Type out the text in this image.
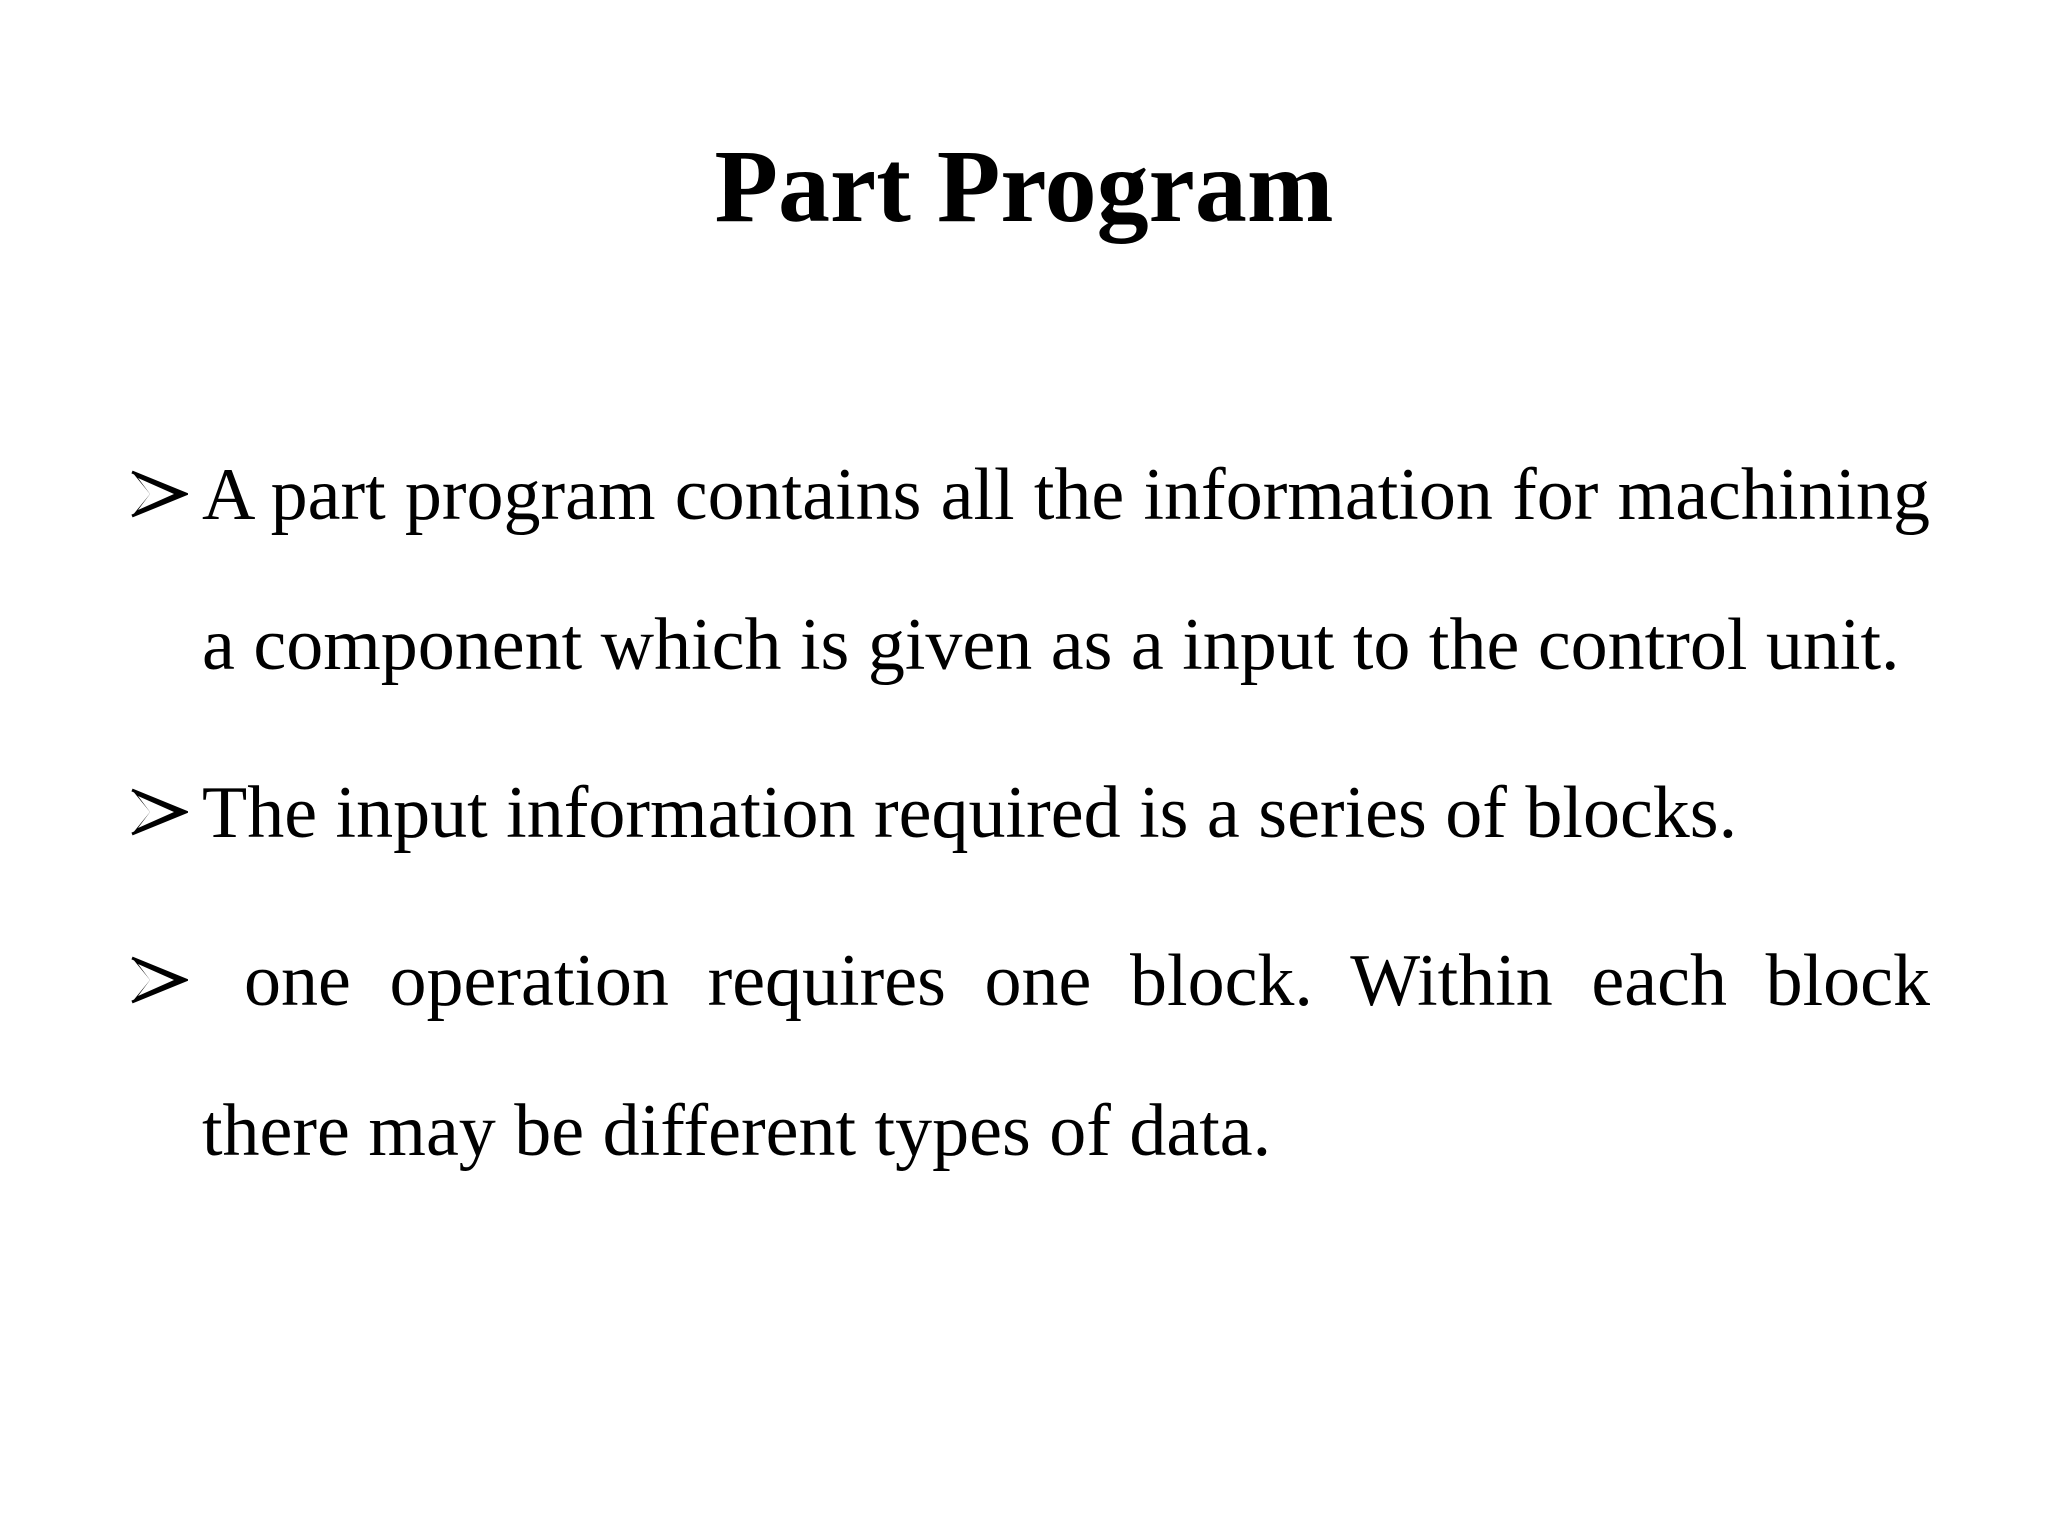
Part Program
A part program contains all the information for machining a component which is given as a input to the control unit.
The input information required is a series of blocks.
one operation requires one block. Within each block there may be different types of data.
